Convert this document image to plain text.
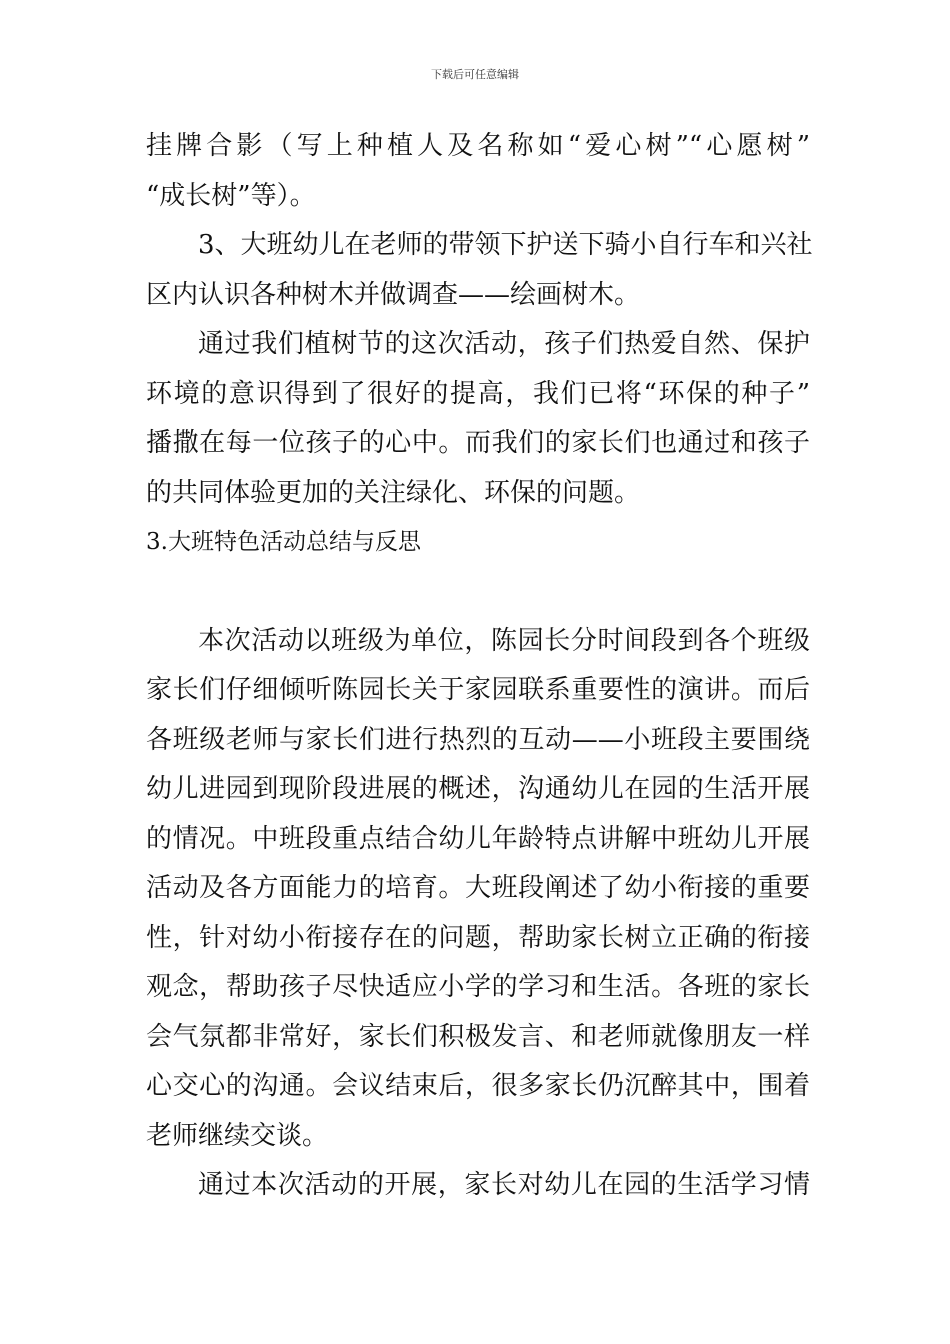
下载后可任意编辑
挂牌合影（写上种植人及名称如“爱心树”“心愿树”
“成长树”等）。
3、大班幼儿在老师的带领下护送下骑小自行车和兴社
区内认识各种树木并做调查——绘画树木。
通过我们植树节的这次活动，孩子们热爱自然、保护
环境的意识得到了很好的提高，我们已将“环保的种子”
播撒在每一位孩子的心中。而我们的家长们也通过和孩子
的共同体验更加的关注绿化、环保的问题。
3.大班特色活动总结与反思
本次活动以班级为单位，陈园长分时间段到各个班级
家长们仔细倾听陈园长关于家园联系重要性的演讲。而后
各班级老师与家长们进行热烈的互动——小班段主要围绕
幼儿进园到现阶段进展的概述，沟通幼儿在园的生活开展
的情况。中班段重点结合幼儿年龄特点讲解中班幼儿开展
活动及各方面能力的培育。大班段阐述了幼小衔接的重要
性，针对幼小衔接存在的问题，帮助家长树立正确的衔接
观念，帮助孩子尽快适应小学的学习和生活。各班的家长
会气氛都非常好，家长们积极发言、和老师就像朋友一样
心交心的沟通。会议结束后，很多家长仍沉醉其中，围着
老师继续交谈。
通过本次活动的开展，家长对幼儿在园的生活学习情
